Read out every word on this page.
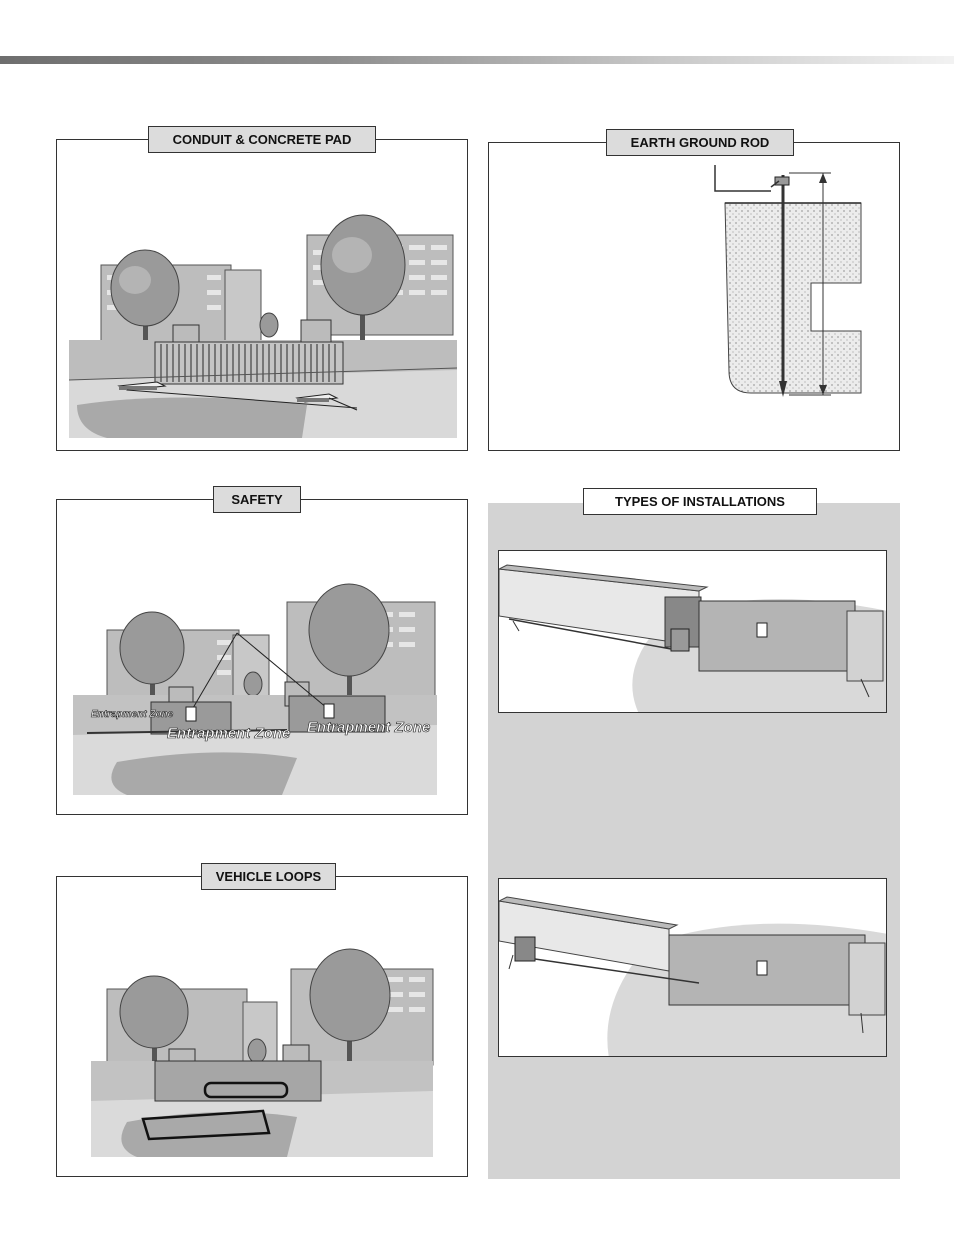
CONDUIT & CONCRETE PAD	EARTH GROUND ROD
Entrapment Zone
Entrapment Zone Entrapment Zone
SAFETY	TYPES OF INSTALLATIONS
VEHICLE LOOPS
